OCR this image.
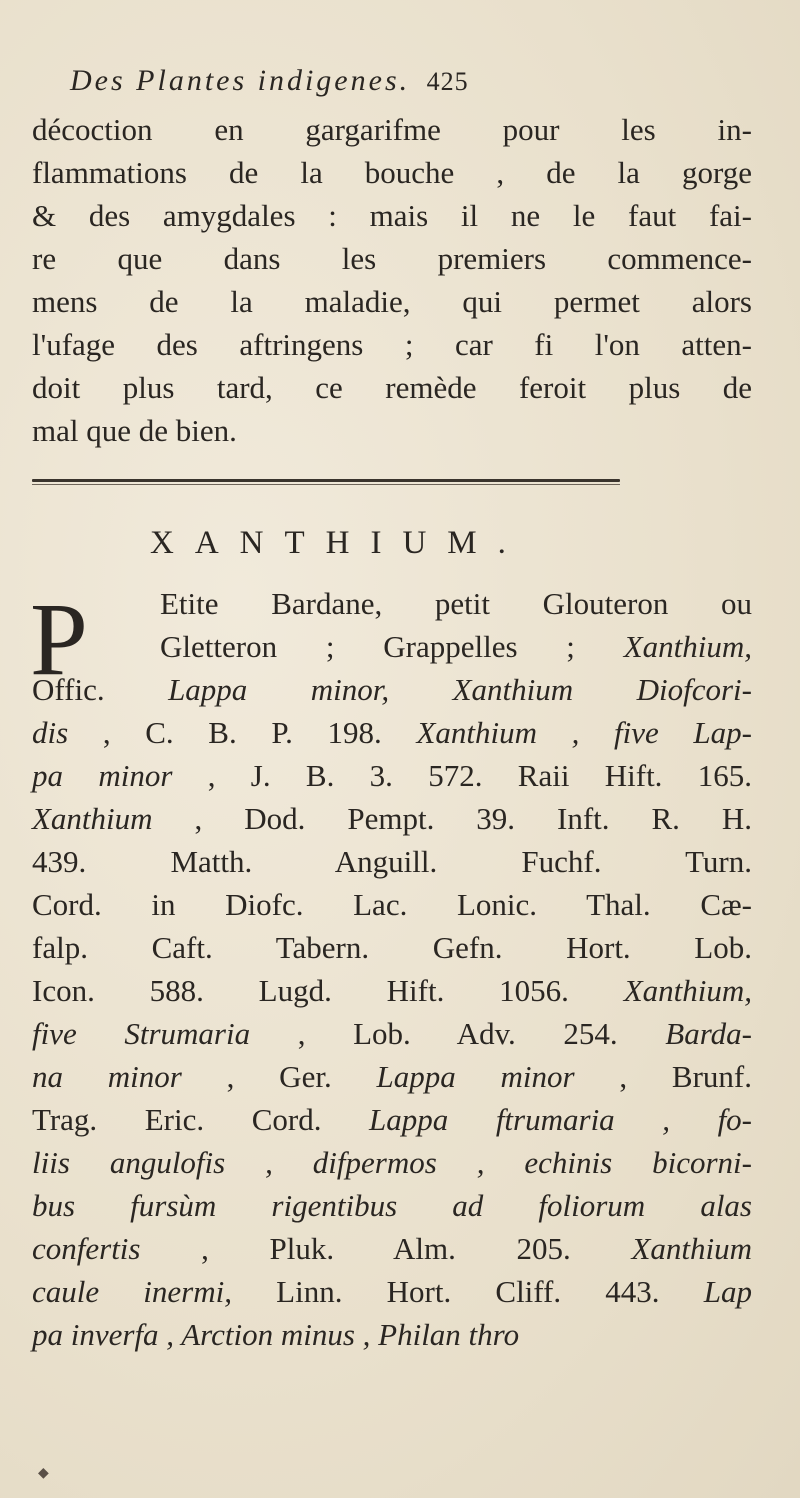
Des Plantes indigenes. 425
décoction en gargarifme pour les in-
flammations de la bouche , de la gorge
& des amygdales : mais il ne le faut fai-
re que dans les premiers commence-
mens de la maladie, qui permet alors
l'ufage des aftringens ; car fi l'on atten-
doit plus tard, ce remède feroit plus de
mal que de bien.
XANTHIUM.
P	Etite Bardane, petit Glouteron ou
Gletteron ; Grappelles ; Xanthium,
Offic. Lappa minor, Xanthium Diofcori-
dis , C. B. P. 198. Xanthium , five Lap-
pa minor , J. B. 3. 572. Raii Hift. 165.
Xanthium , Dod. Pempt. 39. Inft. R. H.
439. Matth. Anguill. Fuchf. Turn.
Cord. in Diofc. Lac. Lonic. Thal. Cæ-
falp. Caft. Tabern. Gefn. Hort. Lob.
Icon. 588. Lugd. Hift. 1056. Xanthium,
five Strumaria , Lob. Adv. 254. Barda-
na minor , Ger. Lappa minor , Brunf.
Trag. Eric. Cord. Lappa ftrumaria , fo-
liis angulofis , difpermos , echinis bicorni-
bus fursùm rigentibus ad foliorum alas
confertis , Pluk. Alm. 205. Xanthium
caule inermi, Linn. Hort. Cliff. 443. Lap
pa inverfa , Arction minus , Philan thro
◆
